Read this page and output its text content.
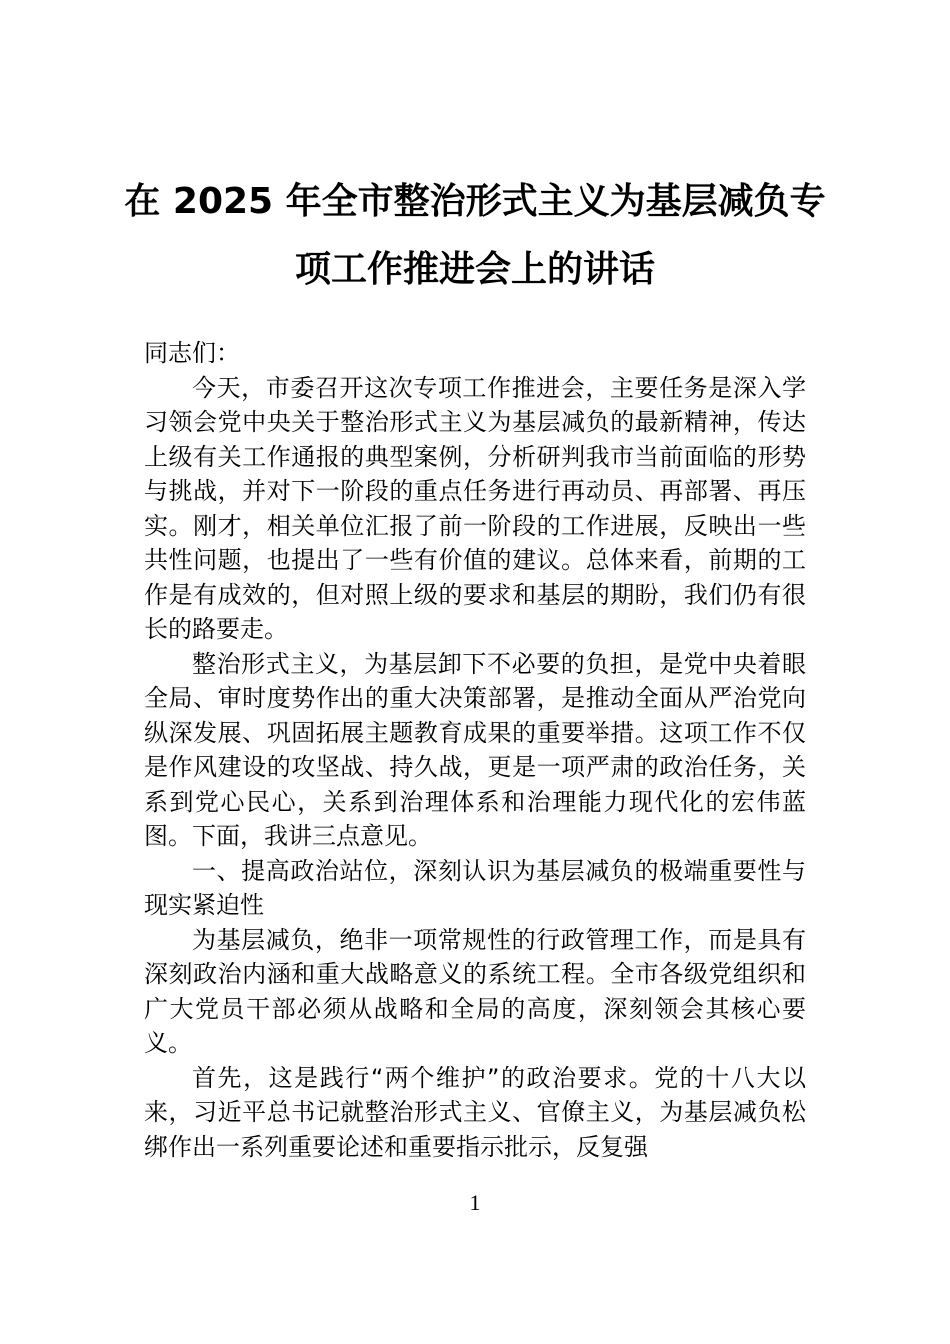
在 2025 年全市整治形式主义为基层减负专
项工作推进会上的讲话

同志们：

今天，市委召开这次专项工作推进会，主要任务是深入学习领会党中央关于整治形式主义为基层减负的最新精神，传达上级有关工作通报的典型案例，分析研判我市当前面临的形势与挑战，并对下一阶段的重点任务进行再动员、再部署、再压实。刚才，相关单位汇报了前一阶段的工作进展，反映出一些共性问题，也提出了一些有价值的建议。总体来看，前期的工作是有成效的，但对照上级的要求和基层的期盼，我们仍有很长的路要走。

整治形式主义，为基层卸下不必要的负担，是党中央着眼全局、审时度势作出的重大决策部署，是推动全面从严治党向纵深发展、巩固拓展主题教育成果的重要举措。这项工作不仅是作风建设的攻坚战、持久战，更是一项严肃的政治任务，关系到党心民心，关系到治理体系和治理能力现代化的宏伟蓝图。下面，我讲三点意见。

一、提高政治站位，深刻认识为基层减负的极端重要性与现实紧迫性

为基层减负，绝非一项常规性的行政管理工作，而是具有深刻政治内涵和重大战略意义的系统工程。全市各级党组织和广大党员干部必须从战略和全局的高度，深刻领会其核心要义。

首先，这是践行“两个维护”的政治要求。党的十八大以来，习近平总书记就整治形式主义、官僚主义，为基层减负松绑作出一系列重要论述和重要指示批示，反复强

1
